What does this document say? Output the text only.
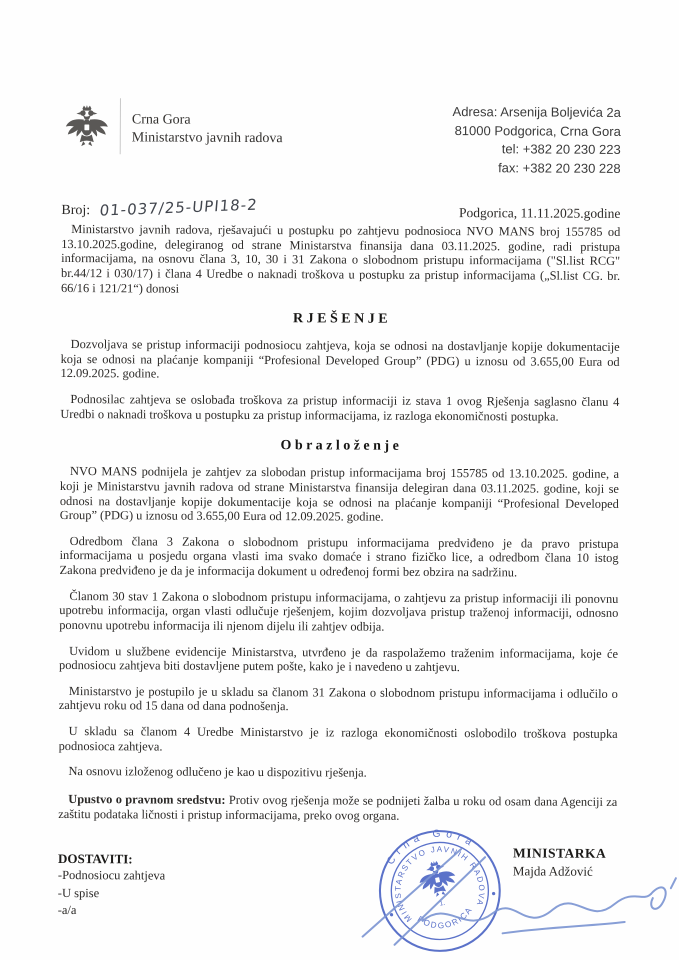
Crna Gora
Ministarstvo javnih radova
Adresa: Arsenija Boljevića 2a
81000 Podgorica, Crna Gora
tel: +382 20 230 223
fax: +382 20 230 228
Broj: 01-037/25-UPI18-2	Podgorica, 11.11.2025.godine

Ministarstvo javnih radova, rješavajući u postupku po zahtjevu podnosioca NVO MANS broj 155785 od 13.10.2025.godine, delegiranog od strane Ministarstva finansija dana 03.11.2025. godine, radi pristupa informacijama, na osnovu člana 3, 10, 30 i 31 Zakona o slobodnom pristupu informacijama ("Sl.list RCG" br.44/12 i 030/17) i člana 4 Uredbe o naknadi troškova u postupku za pristup informacijama („Sl.list CG. br. 66/16 i 121/21“) donosi

R J E Š E N J E

Dozvoljava se pristup informaciji podnosiocu zahtjeva, koja se odnosi na dostavljanje kopije dokumentacije koja se odnosi na plaćanje kompaniji “Profesional Developed Group” (PDG) u iznosu od 3.655,00 Eura od 12.09.2025. godine.

Podnosilac zahtjeva se oslobađa troškova za pristup informaciji iz stava 1 ovog Rješenja saglasno članu 4 Uredbi o naknadi troškova u postupku za pristup informacijama, iz razloga ekonomičnosti postupka.

O b r a z l o ž e n j e

NVO MANS podnijela je zahtjev za slobodan pristup informacijama broj 155785 od 13.10.2025. godine, a koji je Ministarstvu javnih radova od strane Ministarstva finansija delegiran dana 03.11.2025. godine, koji se odnosi na dostavljanje kopije dokumentacije koja se odnosi na plaćanje kompaniji “Profesional Developed Group” (PDG) u iznosu od 3.655,00 Eura od 12.09.2025. godine.

Odredbom člana 3 Zakona o slobodnom pristupu informacijama predviđeno je da pravo pristupa informacijama u posjedu organa vlasti ima svako domaće i strano fizičko lice, a odredbom člana 10 istog Zakona predviđeno je da je informacija dokument u određenoj formi bez obzira na sadržinu.

Članom 30 stav 1 Zakona o slobodnom pristupu informacijama, o zahtjevu za pristup informaciji ili ponovnu upotrebu informacija, organ vlasti odlučuje rješenjem, kojim dozvoljava pristup traženoj informaciji, odnosno ponovnu upotrebu informacija ili njenom dijelu ili zahtjev odbija.

Uvidom u službene evidencije Ministarstva, utvrđeno je da raspolažemo traženim informacijama, koje će podnosiocu zahtjeva biti dostavljene putem pošte, kako je i navedeno u zahtjevu.

Ministarstvo je postupilo je u skladu sa članom 31 Zakona o slobodnom pristupu informacijama i odlučilo o zahtjevu roku od 15 dana od dana podnošenja.

U skladu sa članom 4 Uredbe Ministarstvo je iz razloga ekonomičnosti oslobodilo troškova postupka podnosioca zahtjeva.

Na osnovu izloženog odlučeno je kao u dispozitivu rješenja.

Upustvo o pravnom sredstvu: Protiv ovog rješenja može se podnijeti žalba u roku od osam dana Agenciji za zaštitu podataka ličnosti i pristup informacijama, preko ovog organa.

DOSTAVITI:
-Podnosiocu zahtjeva
-U spise
-a/a
Crna Gora
MINISTARSTVO JAVNIH RADOVA
PODGORICA
1.
MINISTARKA
Majda Adžović
